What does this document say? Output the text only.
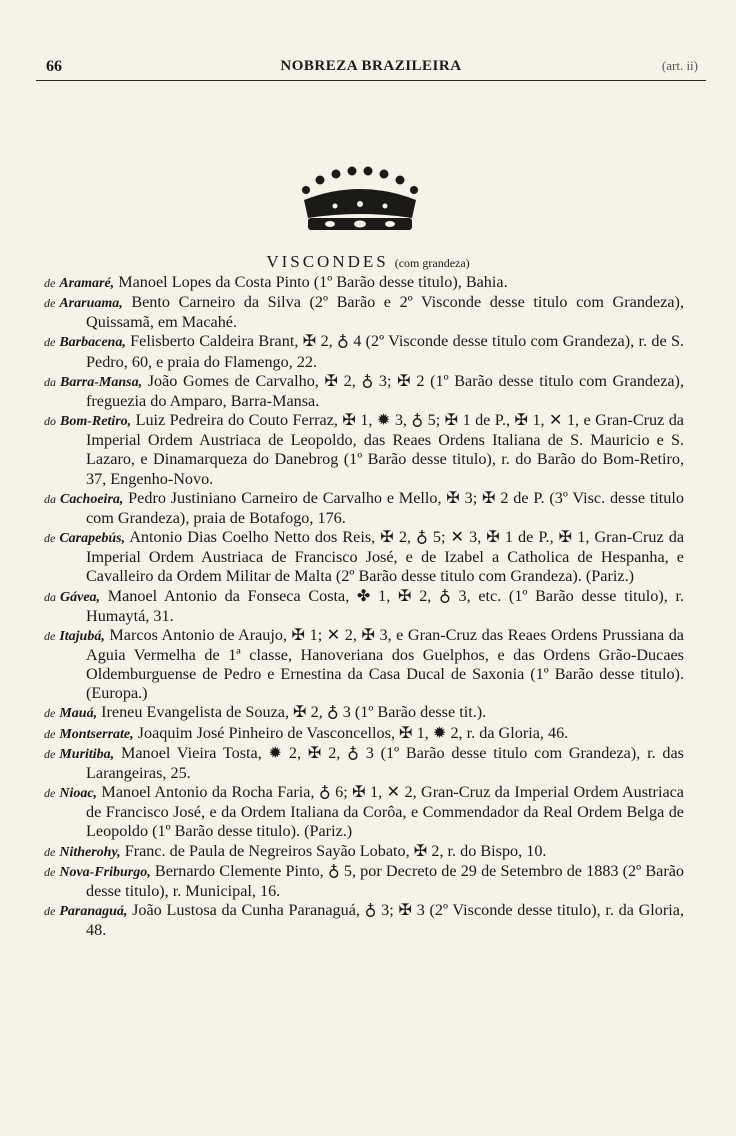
66	NOBREZA BRAZILEIRA	(art. ii)
VISCONDES (com grandeza)
de Aramaré, Manoel Lopes da Costa Pinto (1º Barão desse titulo), Bahia.
de Araruama, Bento Carneiro da Silva (2º Barão e 2º Visconde desse titulo com Grandeza), Quissamã, em Macahé.
de Barbacena, Felisberto Caldeira Brant, ✠ 2, ♁ 4 (2º Visconde desse titulo com Grandeza), r. de S. Pedro, 60, e praia do Flamengo, 22.
da Barra-Mansa, João Gomes de Carvalho, ✠ 2, ♁ 3; ✠ 2 (1º Barão desse titulo com Grandeza), freguezia do Amparo, Barra-Mansa.
do Bom-Retiro, Luiz Pedreira do Couto Ferraz, ✠ 1, ✹ 3, ♁ 5; ✠ 1 de P., ✠ 1, ✕ 1, e Gran-Cruz da Imperial Ordem Austriaca de Leopoldo, das Reaes Ordens Italiana de S. Mauricio e S. Lazaro, e Dinamarqueza do Danebrog (1º Barão desse titulo), r. do Barão do Bom-Retiro, 37, Engenho-Novo.
da Cachoeira, Pedro Justiniano Carneiro de Carvalho e Mello, ✠ 3; ✠ 2 de P. (3º Visc. desse titulo com Grandeza), praia de Botafogo, 176.
de Carapebús, Antonio Dias Coelho Netto dos Reis, ✠ 2, ♁ 5; ✕ 3, ✠ 1 de P., ✠ 1, Gran-Cruz da Imperial Ordem Austriaca de Francisco José, e de Izabel a Catholica de Hespanha, e Cavalleiro da Ordem Militar de Malta (2º Barão desse titulo com Grandeza). (Pariz.)
da Gávea, Manoel Antonio da Fonseca Costa, ✤ 1, ✠ 2, ♁ 3, etc. (1º Barão desse titulo), r. Humaytá, 31.
de Itajubá, Marcos Antonio de Araujo, ✠ 1; ✕ 2, ✠ 3, e Gran-Cruz das Reaes Ordens Prussiana da Aguia Vermelha de 1ª classe, Hanoveriana dos Guelphos, e das Ordens Grão-Ducaes Oldemburguense de Pedro e Ernestina da Casa Ducal de Saxonia (1º Barão desse titulo). (Europa.)
de Mauá, Ireneu Evangelista de Souza, ✠ 2, ♁ 3 (1º Barão desse tit.).
de Montserrate, Joaquim José Pinheiro de Vasconcellos, ✠ 1, ✹ 2, r. da Gloria, 46.
de Muritiba, Manoel Vieira Tosta, ✹ 2, ✠ 2, ♁ 3 (1º Barão desse titulo com Grandeza), r. das Larangeiras, 25.
de Nioac, Manoel Antonio da Rocha Faria, ♁ 6; ✠ 1, ✕ 2, Gran-Cruz da Imperial Ordem Austriaca de Francisco José, e da Ordem Italiana da Corôa, e Commendador da Real Ordem Belga de Leopoldo (1º Barão desse titulo). (Pariz.)
de Nitherohy, Franc. de Paula de Negreiros Sayão Lobato, ✠ 2, r. do Bispo, 10.
de Nova-Friburgo, Bernardo Clemente Pinto, ♁ 5, por Decreto de 29 de Setembro de 1883 (2º Barão desse titulo), r. Municipal, 16.
de Paranaguá, João Lustosa da Cunha Paranaguá, ♁ 3; ✠ 3 (2º Visconde desse titulo), r. da Gloria, 48.
